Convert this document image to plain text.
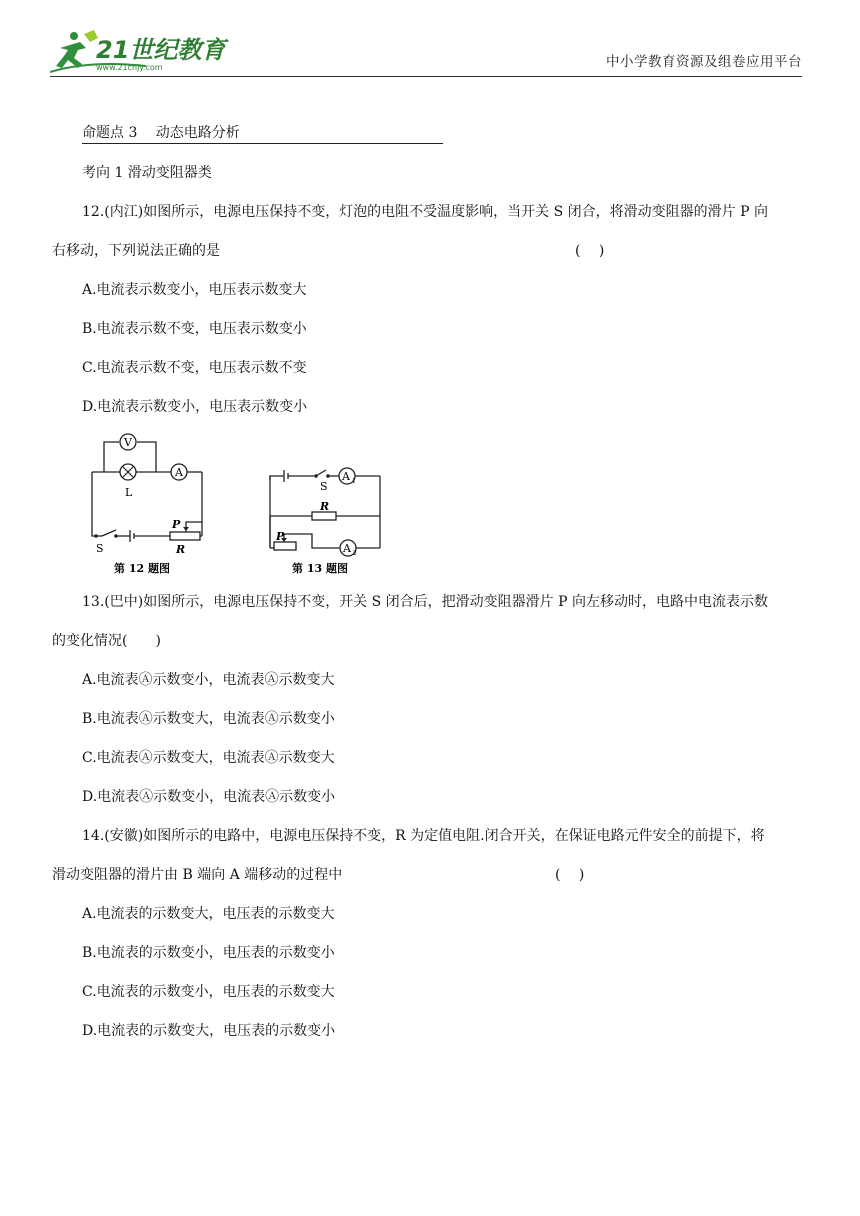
21世纪教育
www.21cnjy.com	中小学教育资源及组卷应用平台
命题点 3　 动态电路分析
考向 1 滑动变阻器类
12.(内江)如图所示，电源电压保持不变，灯泡的电阻不受温度影响，当开关 S 闭合，将滑动变阻器的滑片 P 向
右移动，下列说法正确的是	(　 )
A.电流表示数变小，电压表示数变大
B.电流表示数不变，电压表示数变小
C.电流表示数不变，电压表示数不变
D.电流表示数变小，电压表示数变小
V
A
L
S
P
R
第 12 题图
A 1
A 2
S
R
P
第 13 题图
13.(巴中)如图所示，电源电压保持不变，开关 S 闭合后，把滑动变阻器滑片 P 向左移动时，电路中电流表示数
的变化情况(　　)
A.电流表Ⓐ示数变小，电流表Ⓐ示数变大
B.电流表Ⓐ示数变大，电流表Ⓐ示数变小
C.电流表Ⓐ示数变大，电流表Ⓐ示数变大
D.电流表Ⓐ示数变小，电流表Ⓐ示数变小
14.(安徽)如图所示的电路中，电源电压保持不变，R 为定值电阻.闭合开关，在保证电路元件安全的前提下，将
滑动变阻器的滑片由 B 端向 A 端移动的过程中	(　 )
A.电流表的示数变大，电压表的示数变大
B.电流表的示数变小，电压表的示数变小
C.电流表的示数变小，电压表的示数变大
D.电流表的示数变大，电压表的示数变小
